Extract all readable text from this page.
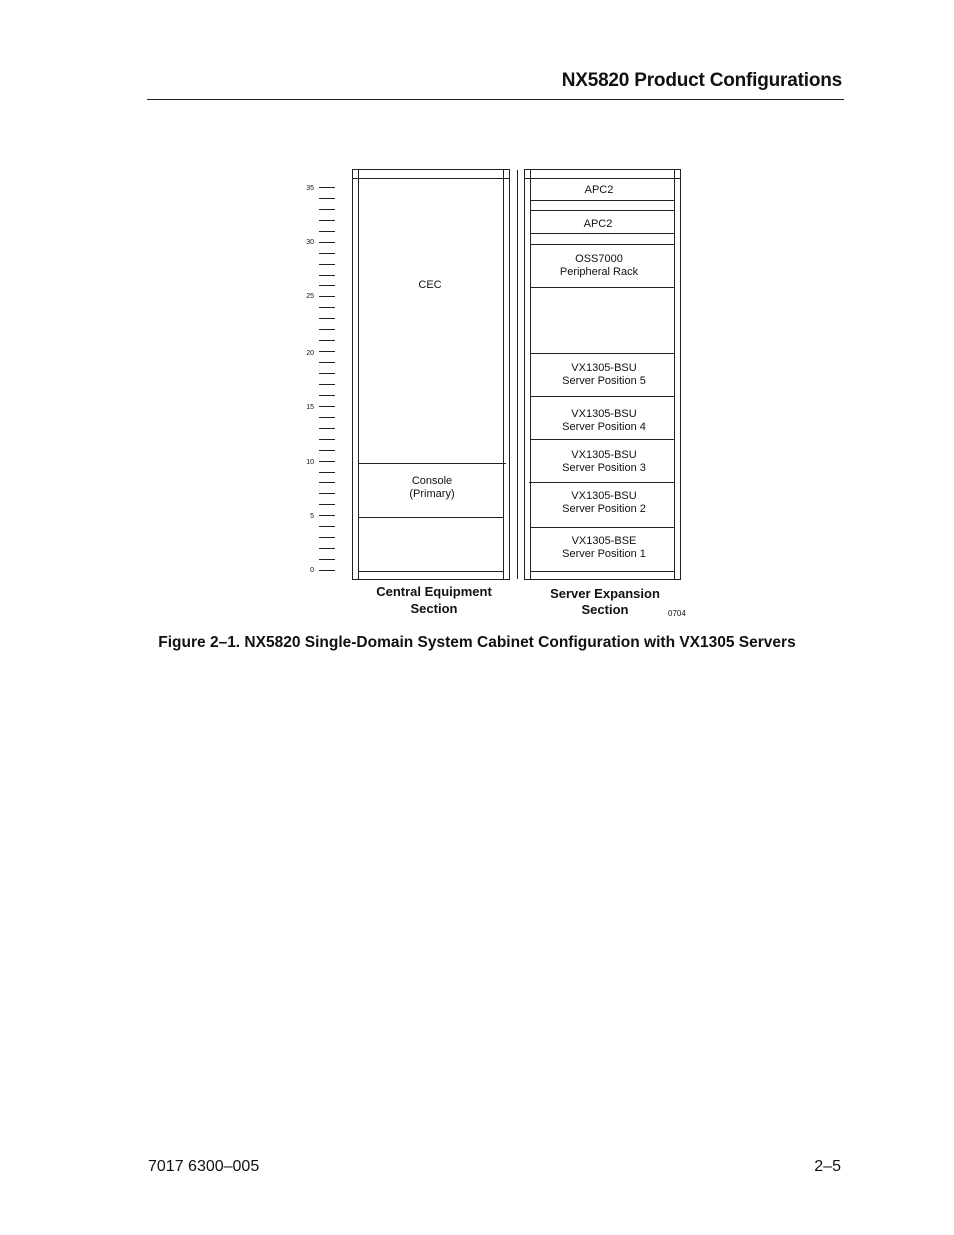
NX5820 Product Configurations
35
30
25
20
15
10
5
0
CEC
Console
(Primary)
APC2
APC2
OSS7000
Peripheral Rack
VX1305-BSU
Server Position 5
VX1305-BSU
Server Position 4
VX1305-BSU
Server Position 3
VX1305-BSU
Server Position 2
VX1305-BSE
Server Position 1
Central Equipment
Section
Server Expansion
Section	0704
Figure 2–1. NX5820 Single-Domain System Cabinet Configuration with VX1305 Servers
7017 6300–005	2–5
